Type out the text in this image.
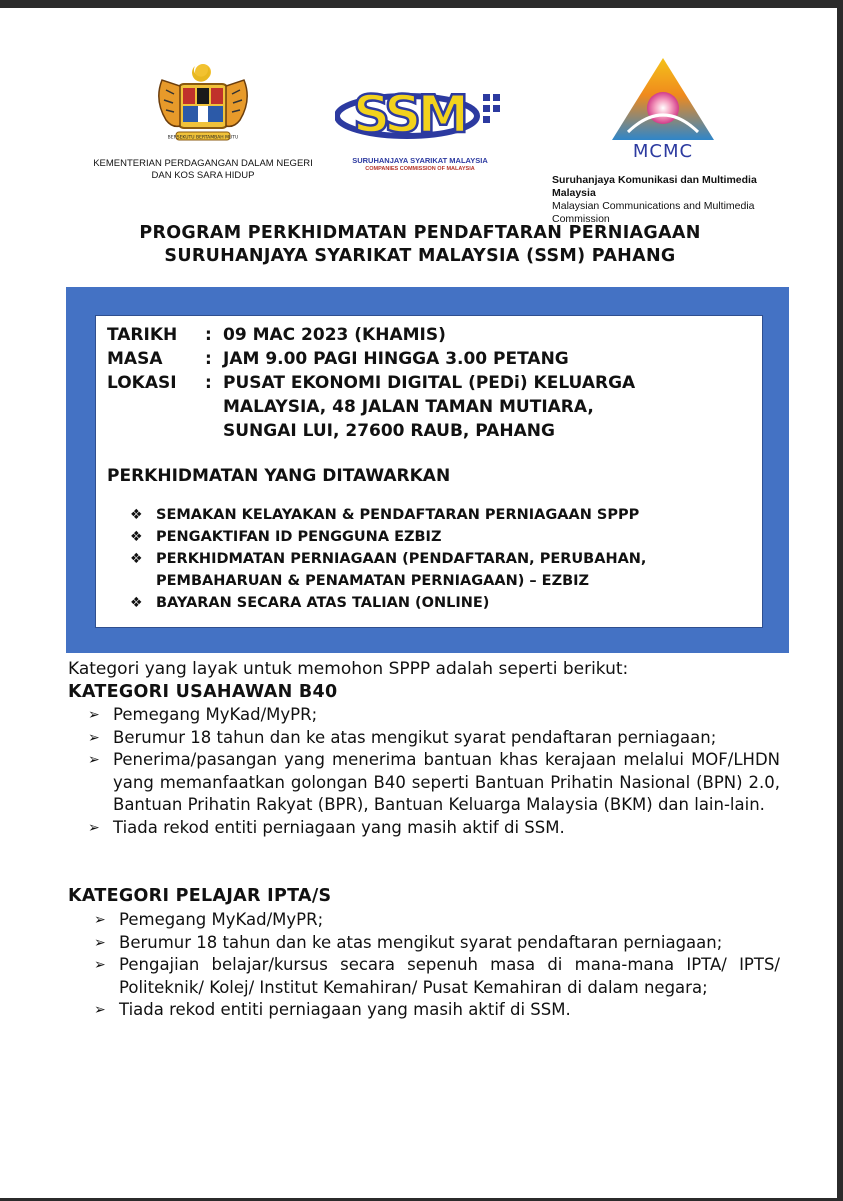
BERSEKUTU BERTAMBAH MUTU
KEMENTERIAN PERDAGANGAN DALAM NEGERI DAN KOS SARA HIDUP
SSM
SURUHANJAYA SYARIKAT MALAYSIA
COMPANIES COMMISSION OF MALAYSIA
MCMC
Suruhanjaya Komunikasi dan Multimedia Malaysia
Malaysian Communications and Multimedia Commission
PROGRAM PERKHIDMATAN PENDAFTARAN PERNIAGAAN
SURUHANJAYA SYARIKAT MALAYSIA (SSM) PAHANG
TARIKH	:	09 MAC 2023 (KHAMIS)
MASA	:	JAM 9.00 PAGI HINGGA 3.00 PETANG
LOKASI	:	PUSAT EKONOMI DIGITAL (PEDi) KELUARGA
MALAYSIA, 48 JALAN TAMAN MUTIARA,
SUNGAI LUI, 27600 RAUB, PAHANG
PERKHIDMATAN YANG DITAWARKAN
❖ SEMAKAN KELAYAKAN & PENDAFTARAN PERNIAGAAN SPPP
❖ PENGAKTIFAN ID PENGGUNA EZBIZ
❖ PERKHIDMATAN PERNIAGAAN (PENDAFTARAN, PERUBAHAN, PEMBAHARUAN & PENAMATAN PERNIAGAAN) – EZBIZ
❖ BAYARAN SECARA ATAS TALIAN (ONLINE)
Kategori yang layak untuk memohon SPPP adalah seperti berikut:
KATEGORI USAHAWAN B40
➢ Pemegang MyKad/MyPR;
➢ Berumur 18 tahun dan ke atas mengikut syarat pendaftaran perniagaan;
➢ Penerima/pasangan yang menerima bantuan khas kerajaan melalui MOF/LHDN yang memanfaatkan golongan B40 seperti Bantuan Prihatin Nasional (BPN) 2.0, Bantuan Prihatin Rakyat (BPR), Bantuan Keluarga Malaysia (BKM) dan lain-lain.
➢ Tiada rekod entiti perniagaan yang masih aktif di SSM.
KATEGORI PELAJAR IPTA/S
➢ Pemegang MyKad/MyPR;
➢ Berumur 18 tahun dan ke atas mengikut syarat pendaftaran perniagaan;
➢ Pengajian belajar/kursus secara sepenuh masa di mana-mana IPTA/ IPTS/ Politeknik/ Kolej/ Institut Kemahiran/ Pusat Kemahiran di dalam negara;
➢ Tiada rekod entiti perniagaan yang masih aktif di SSM.
